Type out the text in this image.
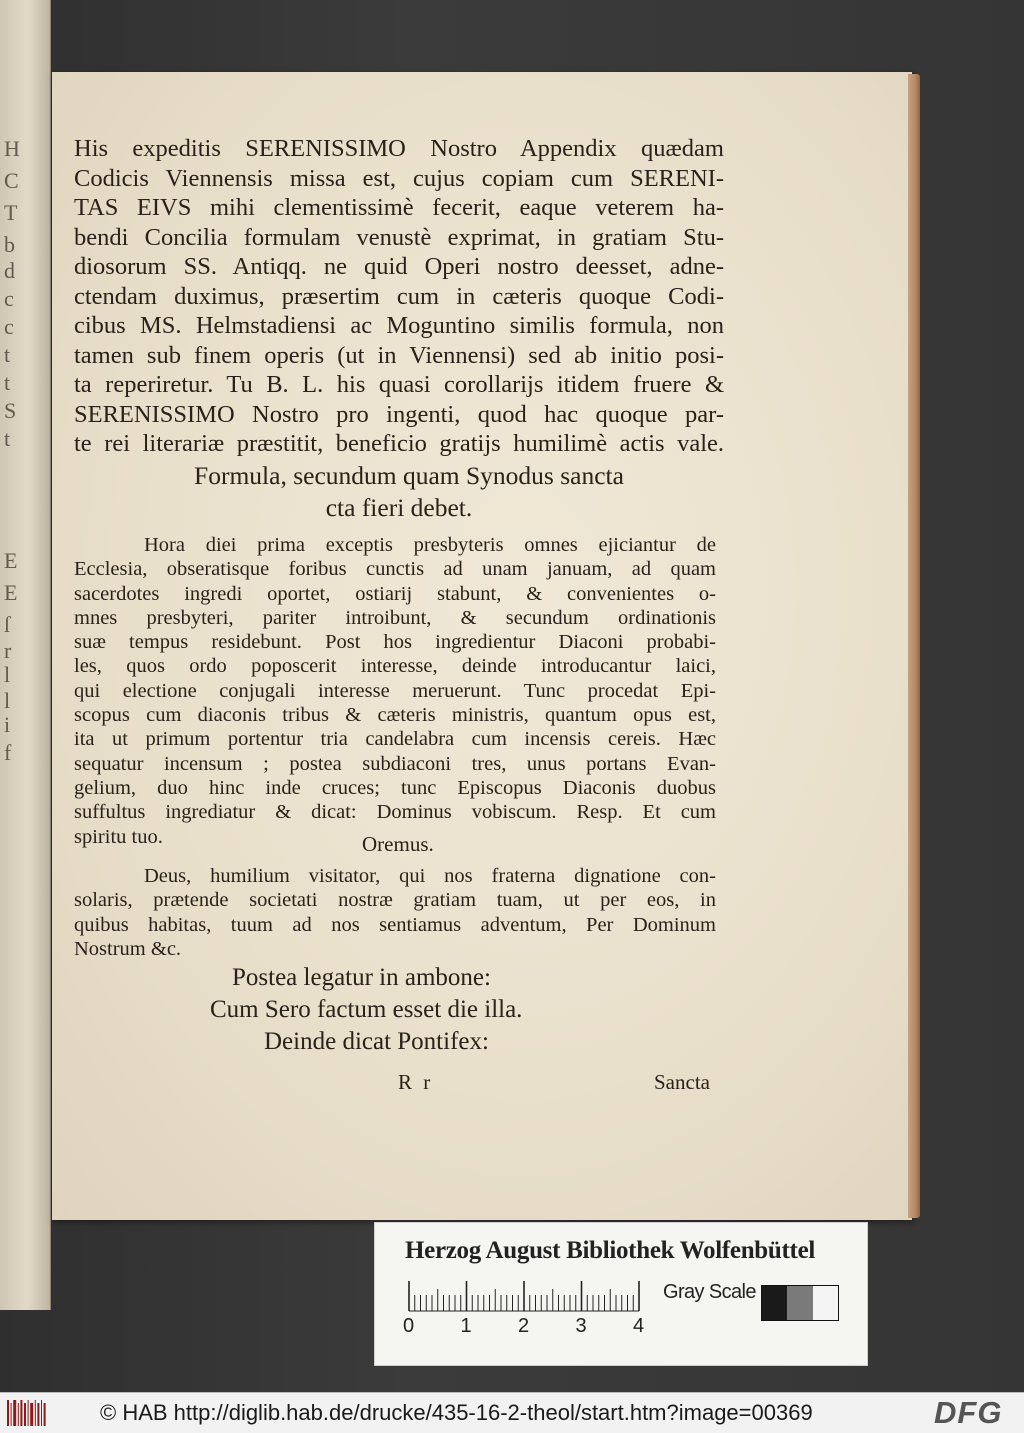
H
C
T
b
d
c
c
t
t
S
t
E
E
ſ
r
l
l
i
f
His expeditis SERENISSIMO Nostro Appendix quædam
Codicis Viennensis missa est, cujus copiam cum SERENI-
TAS EIVS mihi clementissimè fecerit, eaque veterem ha-
bendi Concilia formulam venustè exprimat, in gratiam Stu-
diosorum SS. Antiqq. ne quid Operi nostro deesset, adne-
ctendam duximus, præsertim cum in cæteris quoque Codi-
cibus MS. Helmstadiensi ac Moguntino similis formula, non
tamen sub finem operis (ut in Viennensi) sed ab initio posi-
ta reperiretur. Tu B. L. his quasi corollarijs itidem fruere &
SERENISSIMO Nostro pro ingenti, quod hac quoque par-
te rei literariæ præstitit, beneficio gratijs humilimè actis vale.
Formula, secundum quam Synodus sancta
cta fieri debet.
Hora diei prima exceptis presbyteris omnes ejiciantur de
Ecclesia, obseratisque foribus cunctis ad unam januam, ad quam
sacerdotes ingredi oportet, ostiarij stabunt, & convenientes o-
mnes presbyteri, pariter introibunt, & secundum ordinationis
suæ tempus residebunt. Post hos ingredientur Diaconi probabi-
les, quos ordo poposcerit interesse, deinde introducantur laici,
qui electione conjugali interesse meruerunt. Tunc procedat Epi-
scopus cum diaconis tribus & cæteris ministris, quantum opus est,
ita ut primum portentur tria candelabra cum incensis cereis. Hæc
sequatur incensum ; postea subdiaconi tres, unus portans Evan-
gelium, duo hinc inde cruces; tunc Episcopus Diaconis duobus
suffultus ingrediatur & dicat: Dominus vobiscum. Resp. Et cum
spiritu tuo.	Oremus.
Deus, humilium visitator, qui nos fraterna dignatione con-
solaris, prætende societati nostræ gratiam tuam, ut per eos, in
quibus habitas, tuum ad nos sentiamus adventum, Per Dominum
Nostrum &c.
Postea legatur in ambone:
Cum Sero factum esset die illa.
Deinde dicat Pontifex:
R r	Sancta
Herzog August Bibliothek Wolfenbüttel
0 1 2 3 4
Gray Scale
© HAB http://diglib.hab.de/drucke/435-16-2-theol/start.htm?image=00369	DFG
